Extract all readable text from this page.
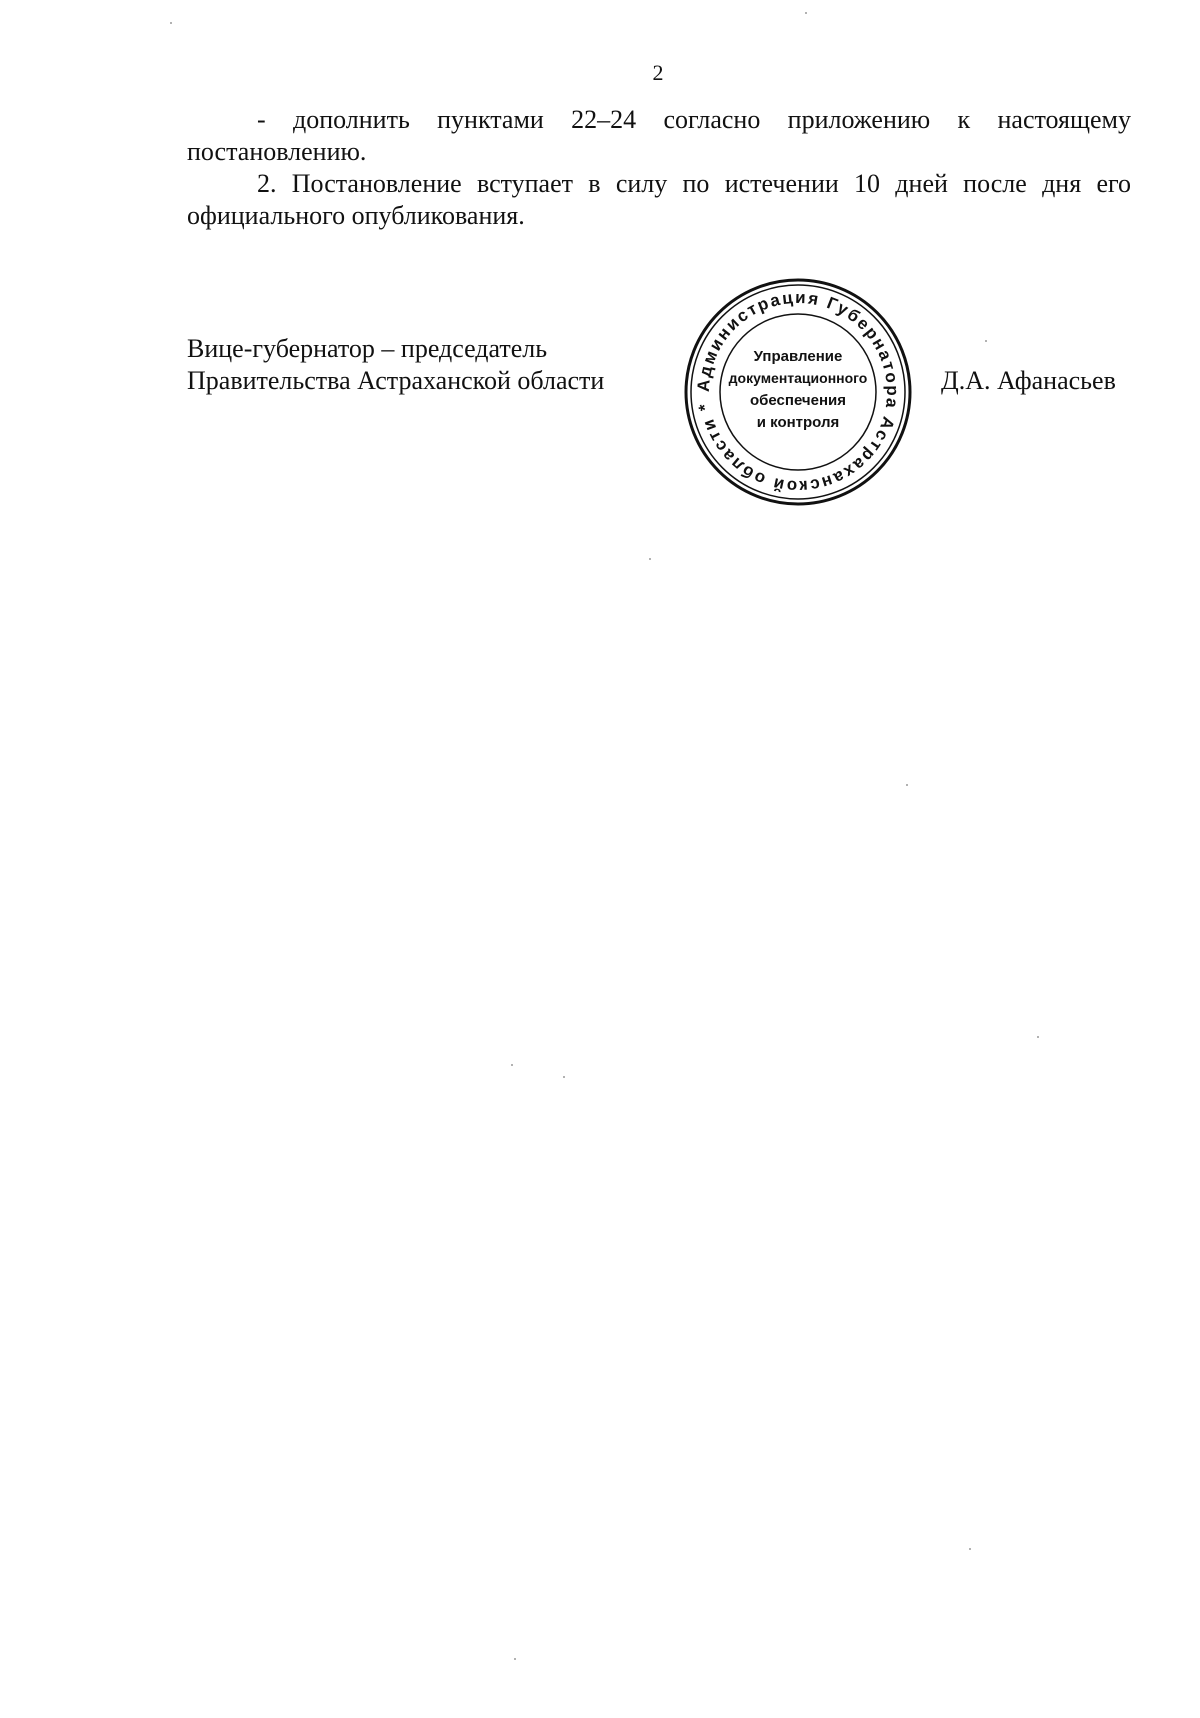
2

- дополнить пунктами 22–24 согласно приложению к настоящему постановлению.

2. Постановление вступает в силу по истечении 10 дней после дня его официального опубликования.

Вице-губернатор – председатель
Правительства Астраханской области	Администрация Губернатора Астраханской области *
Управление
документационного
обеспечения
и контроля
Д.А. Афанасьев
